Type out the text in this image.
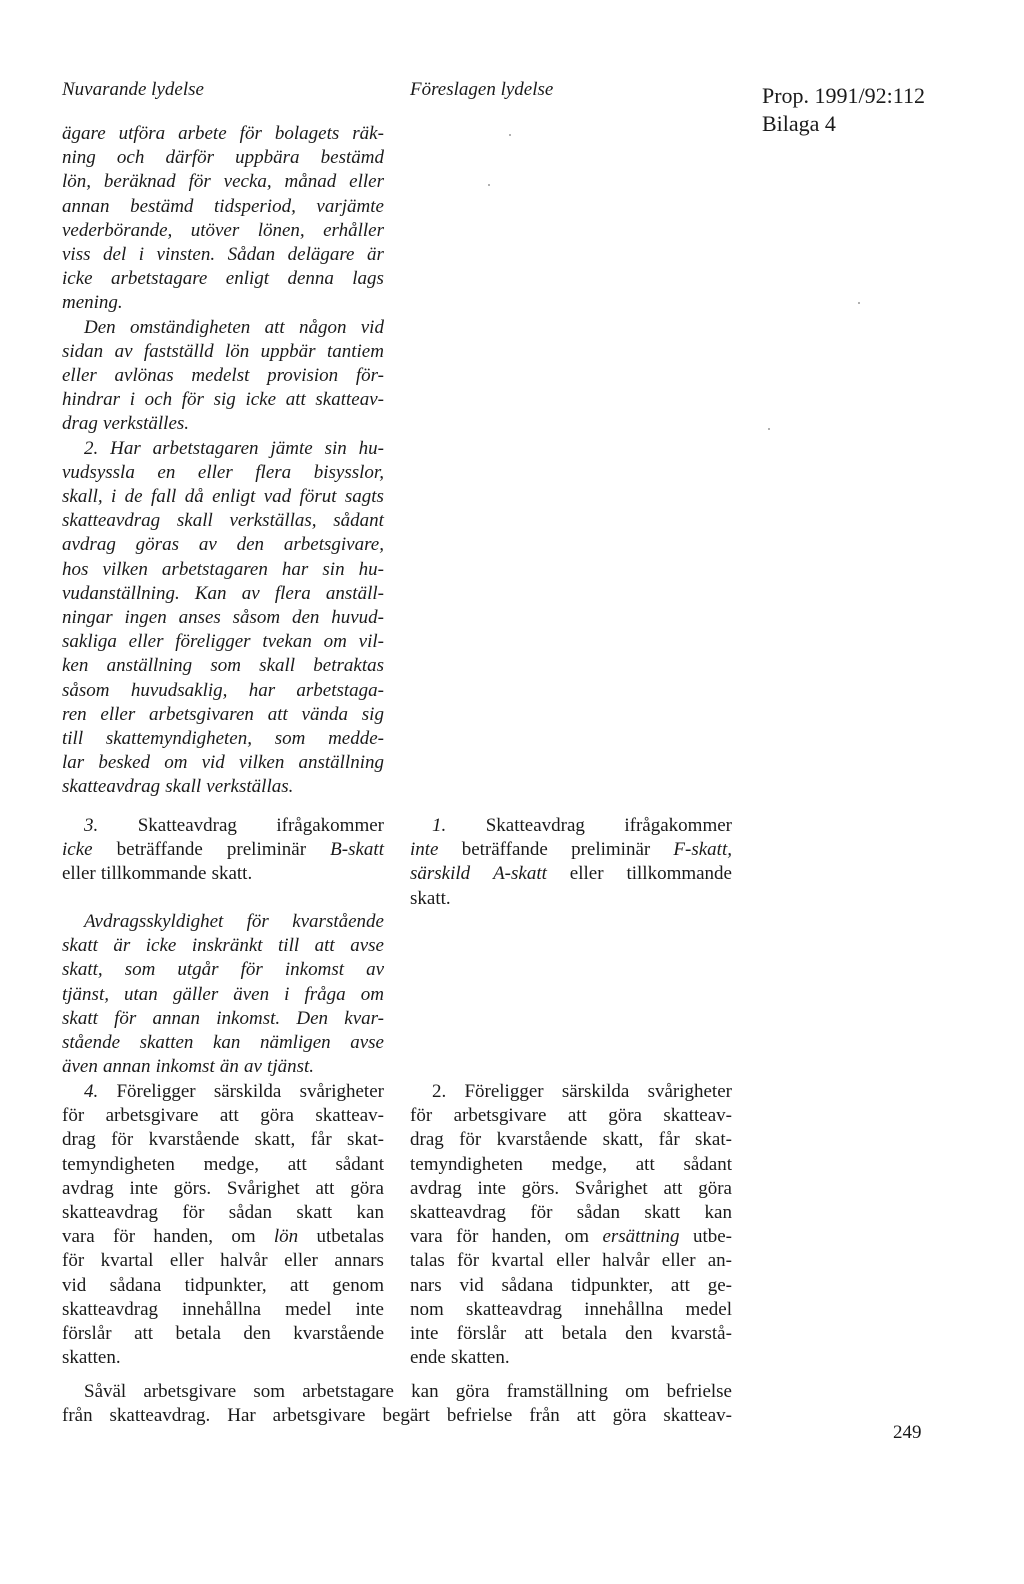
Nuvarande lydelse	Föreslagen lydelse	Prop. 1991/92:112
Bilaga 4
ägare utföra arbete för bolagets räk-
ning och därför uppbära bestämd
lön, beräknad för vecka, månad eller
annan bestämd tidsperiod, varjämte
vederbörande, utöver lönen, erhåller
viss del i vinsten. Sådan delägare är
icke arbetstagare enligt denna lags
mening.
Den omständigheten att någon vid
sidan av fastställd lön uppbär tantiem
eller avlönas medelst provision för-
hindrar i och för sig icke att skatteav-
drag verkställes.
2. Har arbetstagaren jämte sin hu-
vudsyssla en eller flera bisysslor,
skall, i de fall då enligt vad förut sagts
skatteavdrag skall verkställas, sådant
avdrag göras av den arbetsgivare,
hos vilken arbetstagaren har sin hu-
vudanställning. Kan av flera anställ-
ningar ingen anses såsom den huvud-
sakliga eller föreligger tvekan om vil-
ken anställning som skall betraktas
såsom huvudsaklig, har arbetstaga-
ren eller arbetsgivaren att vända sig
till skattemyndigheten, som medde-
lar besked om vid vilken anställning
skatteavdrag skall verkställas.
3. Skatteavdrag ifrågakommer
icke beträffande preliminär B-skatt
eller tillkommande skatt.
Avdragsskyldighet för kvarstående
skatt är icke inskränkt till att avse
skatt, som utgår för inkomst av
tjänst, utan gäller även i fråga om
skatt för annan inkomst. Den kvar-
stående skatten kan nämligen avse
även annan inkomst än av tjänst.
4. Föreligger särskilda svårigheter
för arbetsgivare att göra skatteav-
drag för kvarstående skatt, får skat-
temyndigheten medge, att sådant
avdrag inte görs. Svårighet att göra
skatteavdrag för sådan skatt kan
vara för handen, om lön utbetalas
för kvartal eller halvår eller annars
vid sådana tidpunkter, att genom
skatteavdrag innehållna medel inte
förslår att betala den kvarstående
skatten.
1. Skatteavdrag ifrågakommer
inte beträffande preliminär F-skatt,
särskild A-skatt eller tillkommande
skatt.
2. Föreligger särskilda svårigheter
för arbetsgivare att göra skatteav-
drag för kvarstående skatt, får skat-
temyndigheten medge, att sådant
avdrag inte görs. Svårighet att göra
skatteavdrag för sådan skatt kan
vara för handen, om ersättning utbe-
talas för kvartal eller halvår eller an-
nars vid sådana tidpunkter, att ge-
nom skatteavdrag innehållna medel
inte förslår att betala den kvarstå-
ende skatten.
Såväl arbetsgivare som arbetstagare kan göra framställning om befrielse
från skatteavdrag. Har arbetsgivare begärt befrielse från att göra skatteav-
249
